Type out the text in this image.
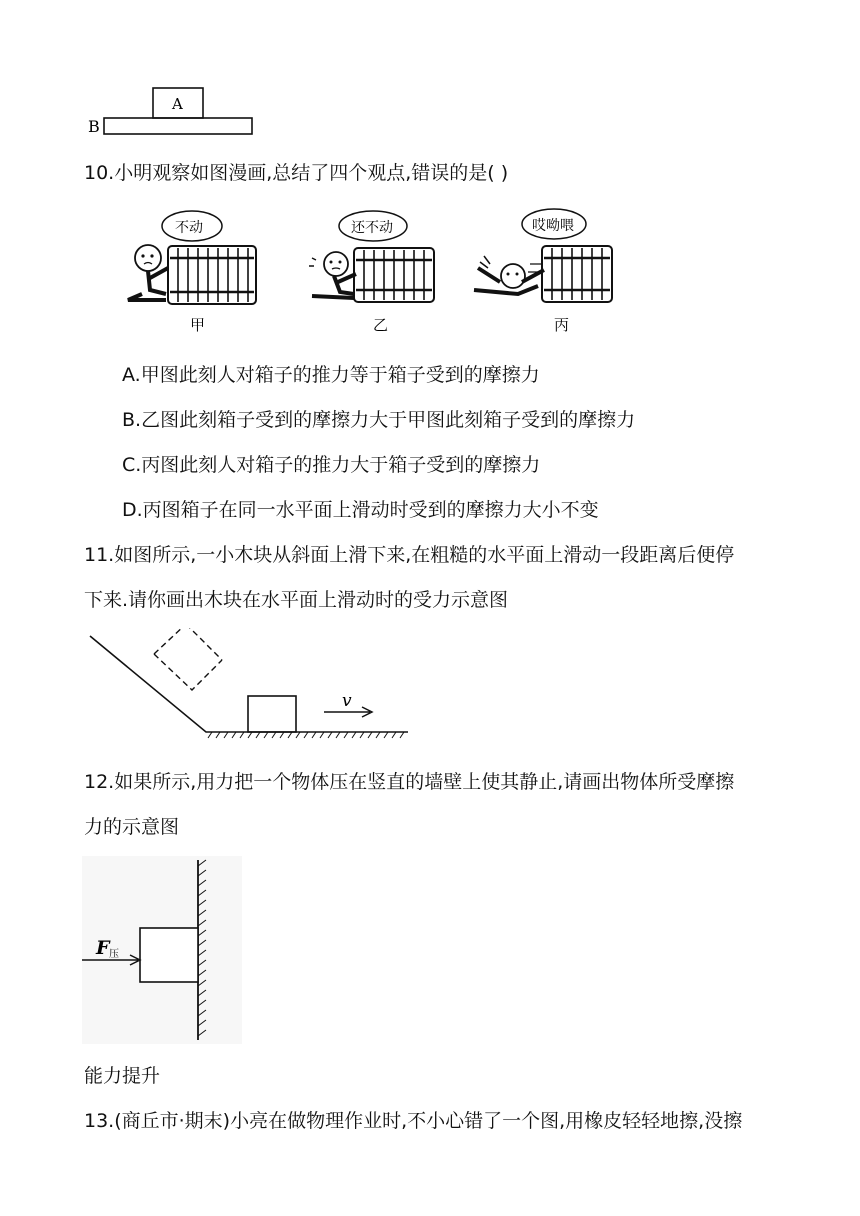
A
B
10.小明观察如图漫画,总结了四个观点,错误的是( )
不动
甲
还不动
乙
哎呦喂
丙
A.甲图此刻人对箱子的推力等于箱子受到的摩擦力
B.乙图此刻箱子受到的摩擦力大于甲图此刻箱子受到的摩擦力
C.丙图此刻人对箱子的推力大于箱子受到的摩擦力
D.丙图箱子在同一水平面上滑动时受到的摩擦力大小不变
11.如图所示,一小木块从斜面上滑下来,在粗糙的水平面上滑动一段距离后便停
下来.请你画出木块在水平面上滑动时的受力示意图
v
12.如果所示,用力把一个物体压在竖直的墙壁上使其静止,请画出物体所受摩擦
力的示意图
F 压
能力提升
13.(商丘市·期末)小亮在做物理作业时,不小心错了一个图,用橡皮轻轻地擦,没擦
